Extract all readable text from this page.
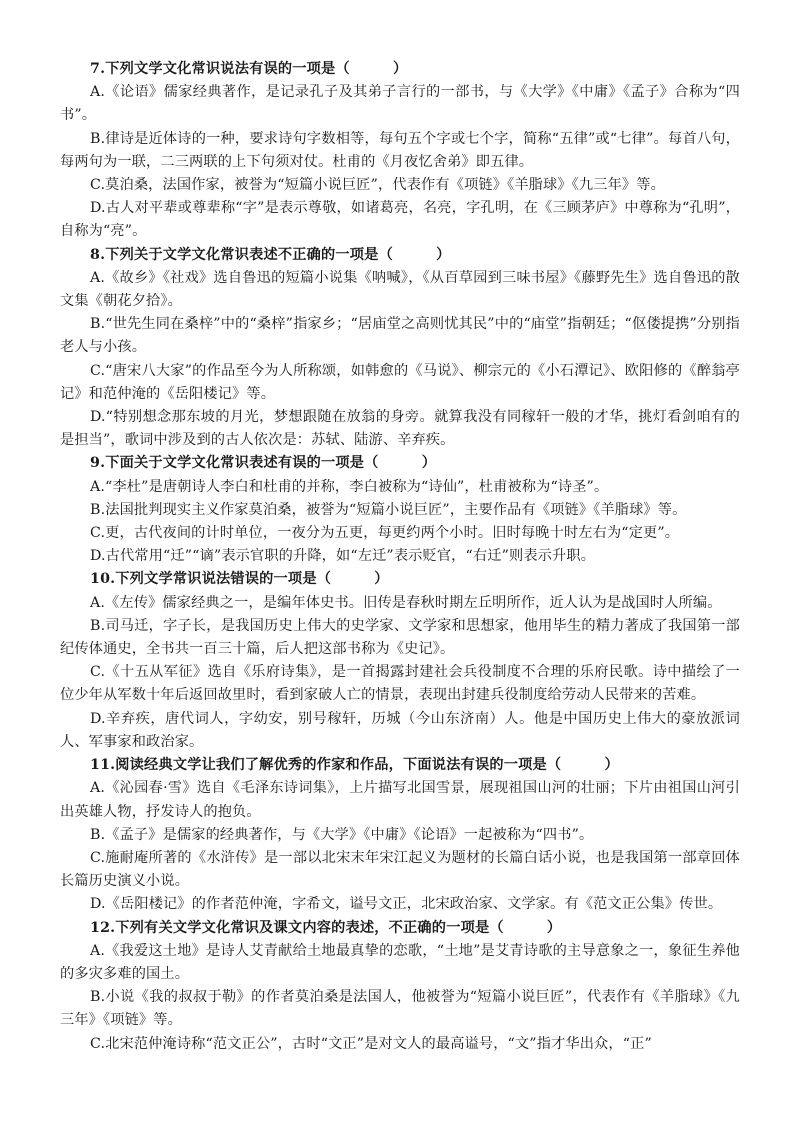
7.下列文学文化常识说法有误的一项是（　　　）

A.《论语》儒家经典著作，是记录孔子及其弟子言行的一部书，与《大学》《中庸》《孟子》合称为“四书”。

B.律诗是近体诗的一种，要求诗句字数相等，每句五个字或七个字，简称“五律”或“七律”。每首八句，每两句为一联，二三两联的上下句须对仗。杜甫的《月夜忆舍弟》即五律。

C.莫泊桑，法国作家，被誉为“短篇小说巨匠”，代表作有《项链》《羊脂球》《九三年》等。

D.古人对平辈或尊辈称“字”是表示尊敬，如诸葛亮，名亮，字孔明，在《三顾茅庐》中尊称为“孔明”，自称为“亮”。

8.下列关于文学文化常识表述不正确的一项是（　　　）

A.《故乡》《社戏》选自鲁迅的短篇小说集《呐喊》，《从百草园到三味书屋》《藤野先生》选自鲁迅的散文集《朝花夕拾》。

B.“世先生同在桑梓”中的“桑梓”指家乡；“居庙堂之高则忧其民”中的“庙堂”指朝廷；“伛偻提携”分别指老人与小孩。

C.“唐宋八大家”的作品至今为人所称颂，如韩愈的《马说》、柳宗元的《小石潭记》、欧阳修的《醉翁亭记》和范仲淹的《岳阳楼记》等。

D.“特别想念那东坡的月光，梦想跟随在放翁的身旁。就算我没有同稼轩一般的才华，挑灯看剑咱有的是担当”，歌词中涉及到的古人依次是：苏轼、陆游、辛弃疾。

9.下面关于文学文化常识表述有误的一项是（　　　）

A.“李杜”是唐朝诗人李白和杜甫的并称，李白被称为“诗仙”，杜甫被称为“诗圣”。

B.法国批判现实主义作家莫泊桑，被誉为“短篇小说巨匠”，主要作品有《项链》《羊脂球》等。

C.更，古代夜间的计时单位，一夜分为五更，每更约两个小时。旧时每晚十时左右为“定更”。

D.古代常用“迁”“谪”表示官职的升降，如“左迁”表示贬官，“右迁”则表示升职。

10.下列文学常识说法错误的一项是（　　　）

A.《左传》儒家经典之一，是编年体史书。旧传是春秋时期左丘明所作，近人认为是战国时人所编。

B.司马迁，字子长，是我国历史上伟大的史学家、文学家和思想家，他用毕生的精力著成了我国第一部纪传体通史，全书共一百三十篇，后人把这部书称为《史记》。

C.《十五从军征》选自《乐府诗集》，是一首揭露封建社会兵役制度不合理的乐府民歌。诗中描绘了一位少年从军数十年后返回故里时，看到家破人亡的情景，表现出封建兵役制度给劳动人民带来的苦难。

D.辛弃疾，唐代词人，字幼安，别号稼轩，历城（今山东济南）人。他是中国历史上伟大的豪放派词人、军事家和政治家。

11.阅读经典文学让我们了解优秀的作家和作品，下面说法有误的一项是（　　　）

A.《沁园春·雪》选自《毛泽东诗词集》，上片描写北国雪景，展现祖国山河的壮丽；下片由祖国山河引出英雄人物，抒发诗人的抱负。

B.《孟子》是儒家的经典著作，与《大学》《中庸》《论语》一起被称为“四书”。

C.施耐庵所著的《水浒传》是一部以北宋末年宋江起义为题材的长篇白话小说，也是我国第一部章回体长篇历史演义小说。

D.《岳阳楼记》的作者范仲淹，字希文，谥号文正，北宋政治家、文学家。有《范文正公集》传世。

12.下列有关文学文化常识及课文内容的表述，不正确的一项是（　　　）

A.《我爱这土地》是诗人艾青献给土地最真挚的恋歌，“土地”是艾青诗歌的主导意象之一，象征生养他的多灾多难的国土。

B.小说《我的叔叔于勒》的作者莫泊桑是法国人，他被誉为“短篇小说巨匠”，代表作有《羊脂球》《九三年》《项链》等。

C.北宋范仲淹诗称“范文正公”，古时“文正”是对文人的最高谥号，“文”指才华出众，“正”
